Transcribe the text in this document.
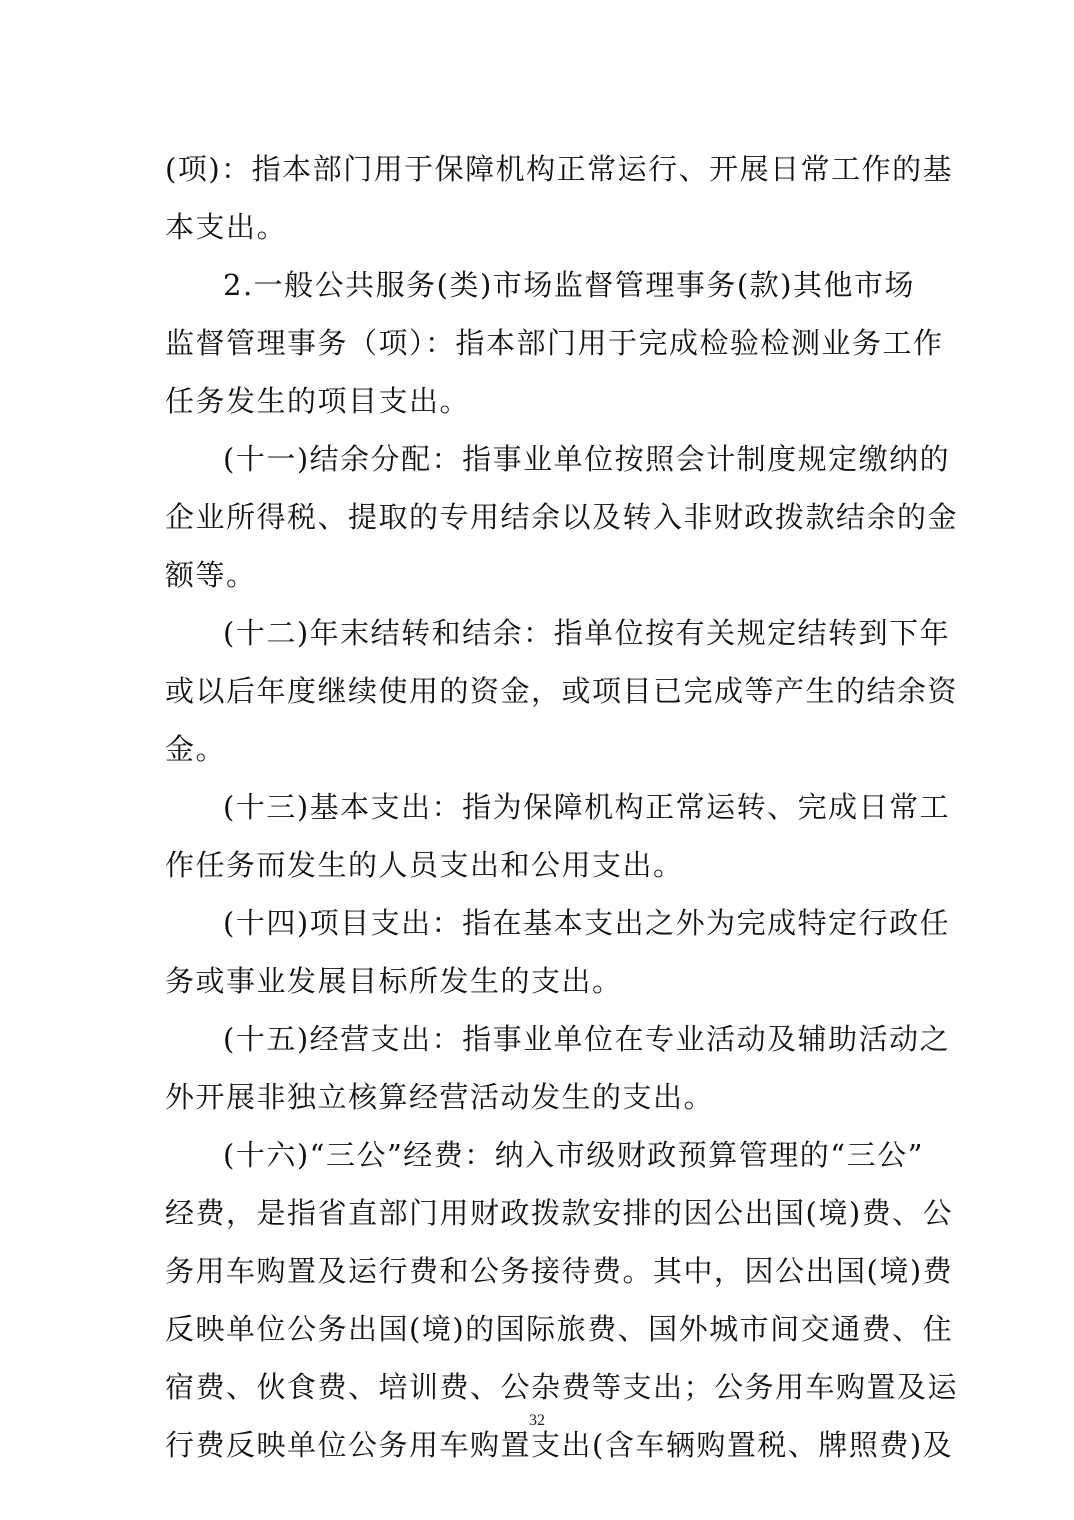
(项)：指本部门用于保障机构正常运行、开展日常工作的基
本支出。
2.一般公共服务(类)市场监督管理事务(款)其他市场
监督管理事务（项）：指本部门用于完成检验检测业务工作
任务发生的项目支出。
(十一)结余分配：指事业单位按照会计制度规定缴纳的
企业所得税、提取的专用结余以及转入非财政拨款结余的金
额等。
(十二)年末结转和结余：指单位按有关规定结转到下年
或以后年度继续使用的资金，或项目已完成等产生的结余资
金。
(十三)基本支出：指为保障机构正常运转、完成日常工
作任务而发生的人员支出和公用支出。
(十四)项目支出：指在基本支出之外为完成特定行政任
务或事业发展目标所发生的支出。
(十五)经营支出：指事业单位在专业活动及辅助活动之
外开展非独立核算经营活动发生的支出。
(十六)“三公”经费：纳入市级财政预算管理的“三公”
经费，是指省直部门用财政拨款安排的因公出国(境)费、公
务用车购置及运行费和公务接待费。其中，因公出国(境)费
反映单位公务出国(境)的国际旅费、国外城市间交通费、住
宿费、伙食费、培训费、公杂费等支出；公务用车购置及运
行费反映单位公务用车购置支出(含车辆购置税、牌照费)及
32
